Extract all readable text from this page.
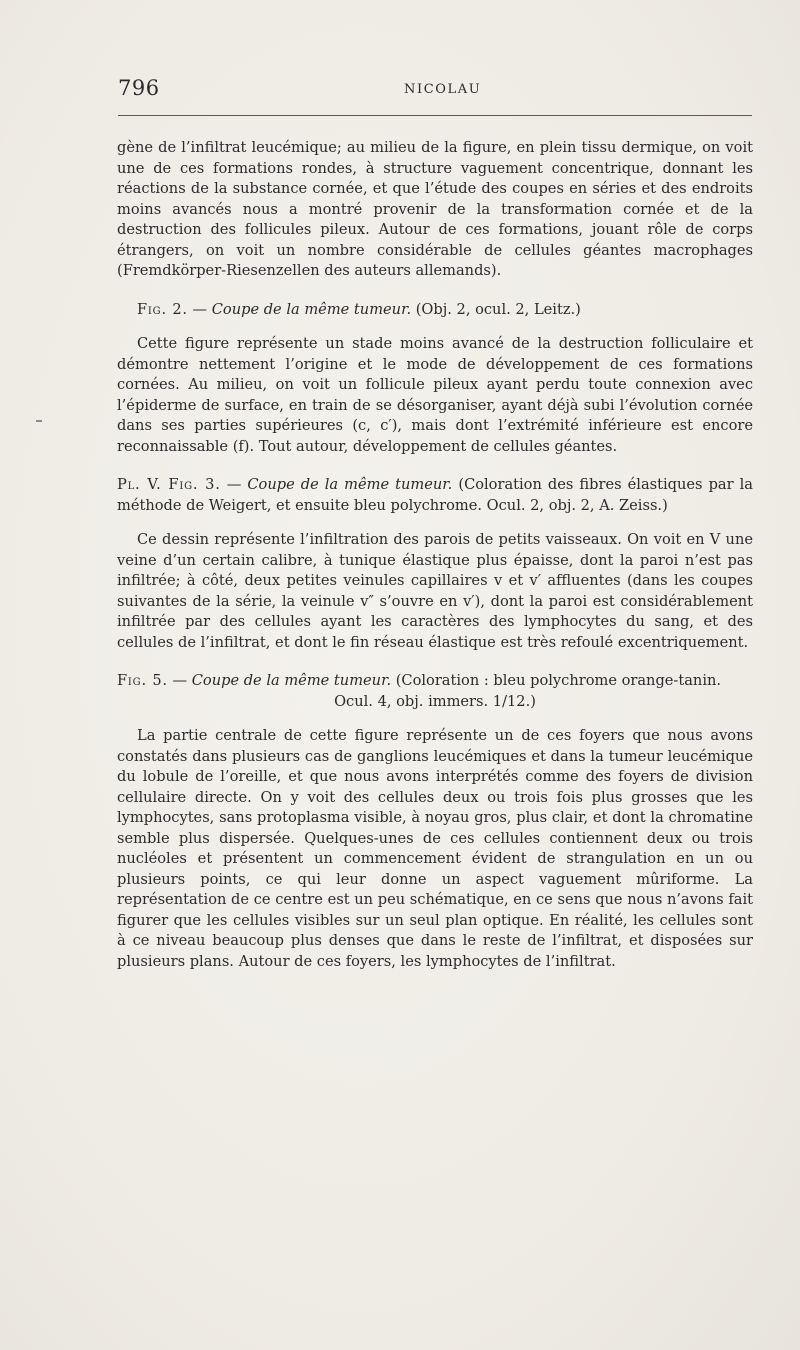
796	NICOLAU

gène de l’infiltrat leucémique; au milieu de la figure, en plein tissu dermique, on voit une de ces formations rondes, à structure vaguement concentrique, donnant les réactions de la substance cornée, et que l’étude des coupes en séries et des endroits moins avancés nous a montré provenir de la transformation cornée et de la destruction des follicules pileux. Autour de ces formations, jouant rôle de corps étrangers, on voit un nombre considérable de cellules géantes macrophages (Fremdkörper-Riesenzellen des auteurs allemands).

Fig. 2. — Coupe de la même tumeur. (Obj. 2, ocul. 2, Leitz.)

Cette figure représente un stade moins avancé de la destruction folliculaire et démontre nettement l’origine et le mode de développement de ces formations cornées. Au milieu, on voit un follicule pileux ayant perdu toute connexion avec l’épiderme de surface, en train de se désorganiser, ayant déjà subi l’évolution cornée dans ses parties supérieures (c, c′), mais dont l’extrémité inférieure est encore reconnaissable (f). Tout autour, développement de cellules géantes.

Pl. V. Fig. 3. — Coupe de la même tumeur. (Coloration des fibres élastiques par la méthode de Weigert, et ensuite bleu polychrome. Ocul. 2, obj. 2, A. Zeiss.)

Ce dessin représente l’infiltration des parois de petits vaisseaux. On voit en V une veine d’un certain calibre, à tunique élastique plus épaisse, dont la paroi n’est pas infiltrée; à côté, deux petites veinules capillaires v et v′ affluentes (dans les coupes suivantes de la série, la veinule v″ s’ouvre en v′), dont la paroi est considérablement infiltrée par des cellules ayant les caractères des lymphocytes du sang, et des cellules de l’infiltrat, et dont le fin réseau élastique est très refoulé excentriquement.

Fig. 5. — Coupe de la même tumeur. (Coloration : bleu polychrome orange-tanin.
Ocul. 4, obj. immers. 1/12.)

La partie centrale de cette figure représente un de ces foyers que nous avons constatés dans plusieurs cas de ganglions leucémiques et dans la tumeur leucémique du lobule de l’oreille, et que nous avons interprétés comme des foyers de division cellulaire directe. On y voit des cellules deux ou trois fois plus grosses que les lymphocytes, sans protoplasma visible, à noyau gros, plus clair, et dont la chromatine semble plus dispersée. Quelques-unes de ces cellules contiennent deux ou trois nucléoles et présentent un commencement évident de strangulation en un ou plusieurs points, ce qui leur donne un aspect vaguement mûriforme. La représentation de ce centre est un peu schématique, en ce sens que nous n’avons fait figurer que les cellules visibles sur un seul plan optique. En réalité, les cellules sont à ce niveau beaucoup plus denses que dans le reste de l’infiltrat, et disposées sur plusieurs plans. Autour de ces foyers, les lymphocytes de l’infiltrat.
